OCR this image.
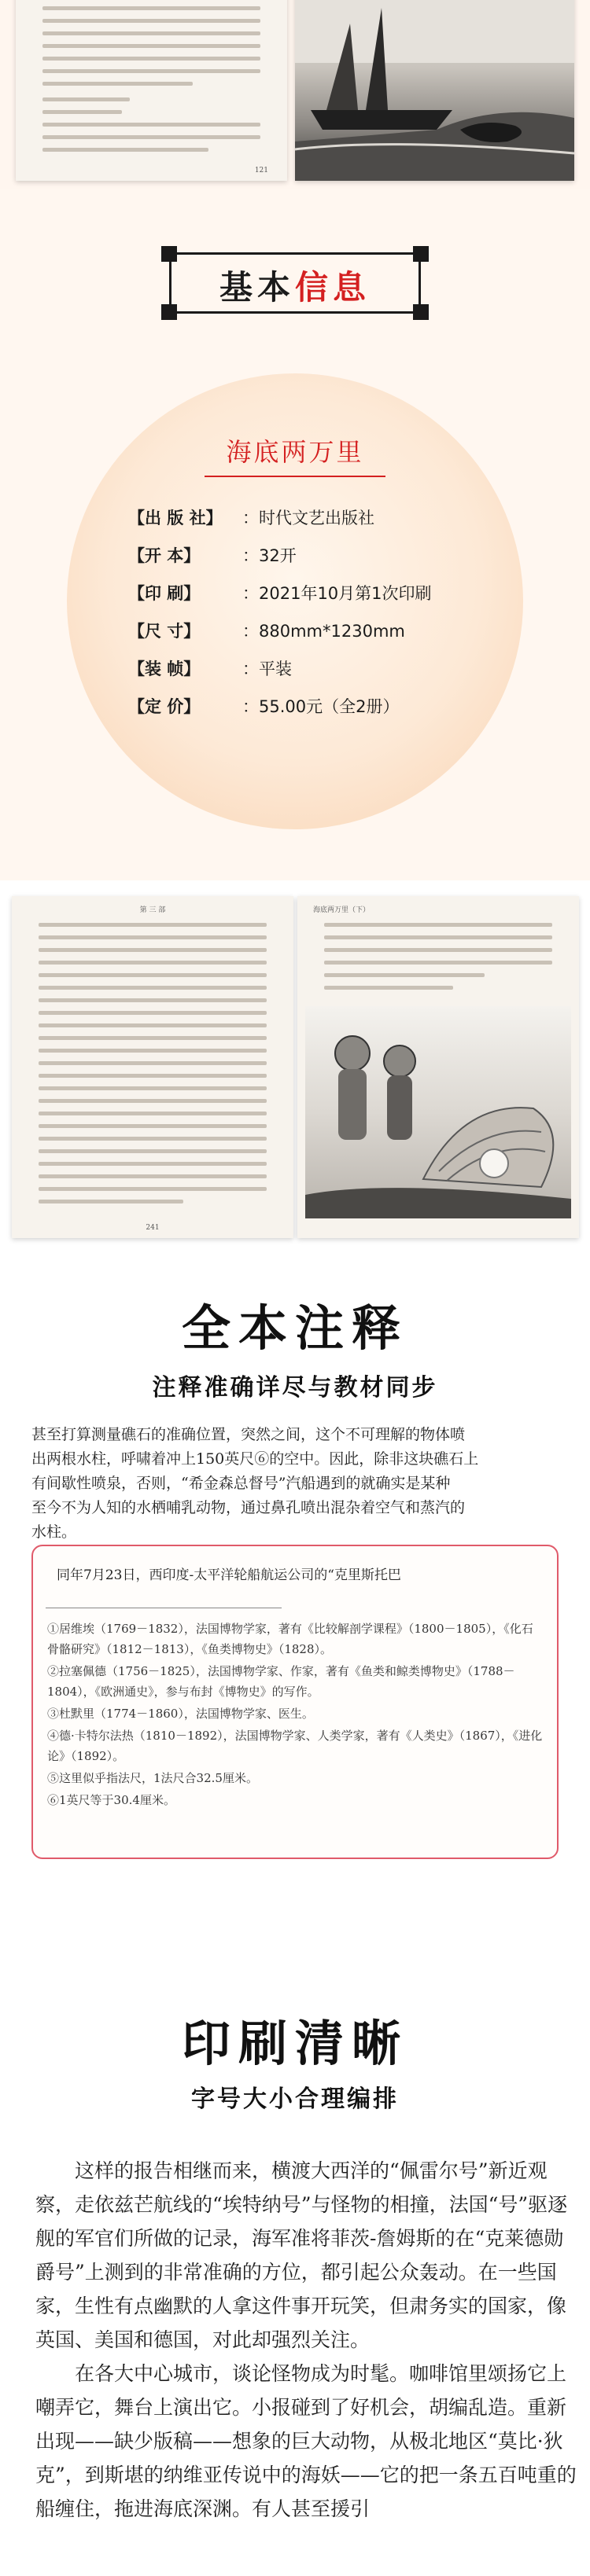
121
基本信息
海底两万里
【出 版 社】 ：时代文艺出版社
【开 本】	：32开
【印 刷】	：2021年10月第1次印刷
【尺 寸】	：880mm*1230mm
【装 帧】	：平装
【定 价】	：55.00元（全2册）
第 三 部
241
海底两万里（下）
全本注释
注释准确详尽与教材同步
甚至打算测量礁石的准确位置，突然之间，这个不可理解的物体喷
出两根水柱，呼啸着冲上150英尺⑥的空中。因此，除非这块礁石上
有间歇性喷泉，否则，“希金森总督号”汽船遇到的就确实是某种
至今不为人知的水栖哺乳动物，通过鼻孔喷出混杂着空气和蒸汽的
水柱。
同年7月23日，西印度-太平洋轮船航运公司的“克里斯托巴
①居维埃（1769－1832），法国博物学家，著有《比较解剖学课程》（1800－1805），《化石骨骼研究》（1812－1813），《鱼类博物史》（1828）。
②拉塞佩德（1756－1825），法国博物学家、作家，著有《鱼类和鲸类博物史》（1788－1804），《欧洲通史》，参与布封《博物史》的写作。
③杜默里（1774－1860），法国博物学家、医生。
④德·卡特尔法热（1810－1892），法国博物学家、人类学家，著有《人类史》（1867），《进化论》（1892）。
⑤这里似乎指法尺，1法尺合32.5厘米。
⑥1英尺等于30.4厘米。
印刷清晰
字号大小合理编排

这样的报告相继而来，横渡大西洋的“佩雷尔号”新近观察，走依兹芒航线的“埃特纳号”与怪物的相撞，法国“号”驱逐舰的军官们所做的记录，海军准将菲茨-詹姆斯的在“克莱德勋爵号”上测到的非常准确的方位，都引起公众轰动。在一些国家，生性有点幽默的人拿这件事开玩笑，但肃务实的国家，像英国、美国和德国，对此却强烈关注。

在各大中心城市，谈论怪物成为时髦。咖啡馆里颂扬它上嘲弄它，舞台上演出它。小报碰到了好机会，胡编乱造。重新出现——缺少版稿——想象的巨大动物，从极北地区“莫比·狄克”，到斯堪的纳维亚传说中的海妖——它的把一条五百吨重的船缠住，拖进海底深渊。有人甚至援引
